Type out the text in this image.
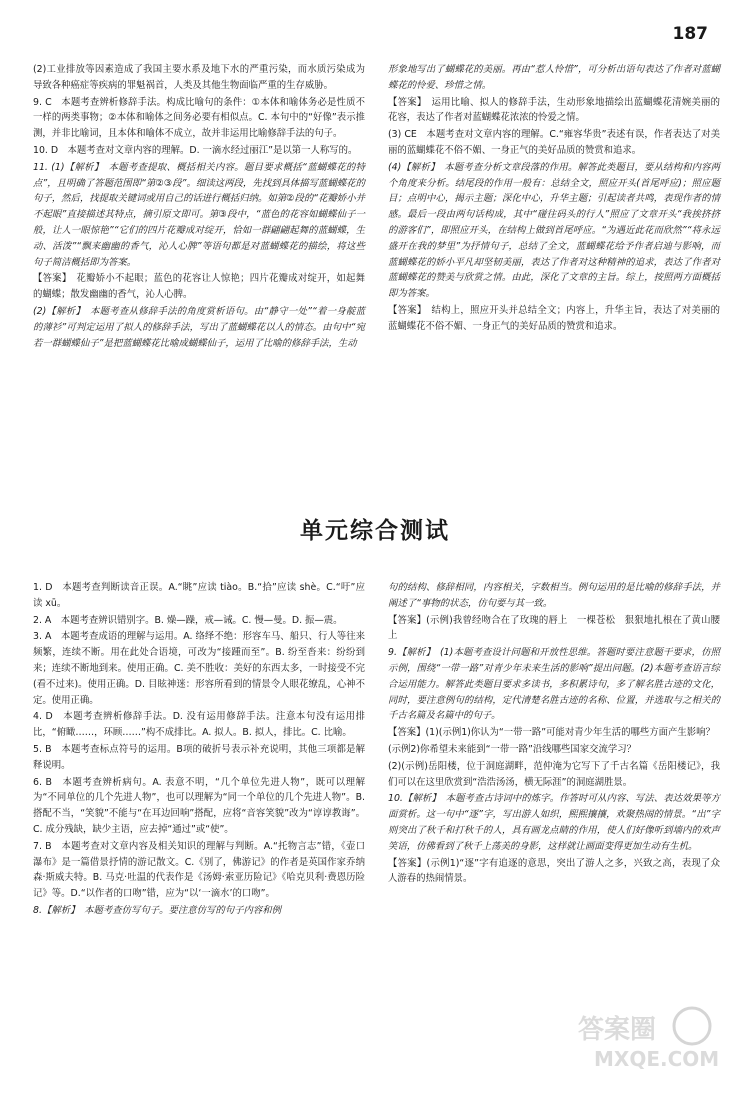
187

(2)工业排放等因素造成了我国主要水系及地下水的严重污染，而水质污染成为导致各种癌症等疾病的罪魁祸首，人类及其他生物面临严重的生存威胁。

9. C　本题考查辨析修辞手法。构成比喻句的条件：①本体和喻体务必是性质不一样的两类事物；②本体和喻体之间务必要有相似点。C. 本句中的“好像”表示推测，并非比喻词，且本体和喻体不成立，故并非运用比喻修辞手法的句子。

10. D　本题考查对文章内容的理解。D. 一滴水经过丽江”是以第一人称写的。

11. (1)【解析】　本题考查提取、概括相关内容。题目要求概括“蓝蝴蝶花的特点”，且明确了答题范围即“第②③段”。细读这两段，先找到具体描写蓝蝴蝶花的句子，然后，找提取关键词或用自己的话进行概括归纳。如第②段的“花瓣娇小并不起眼”直接描述其特点，摘引原文即可。第③段中，“蓝色的花容如蝴蝶仙子一般，让人一眼惊艳”“它们的四片花瓣成对绽开，恰如一群翩翩起舞的蓝蝴蝶，生动、活泼”“飘来幽幽的香气，沁人心脾”等语句都是对蓝蝴蝶花的描绘，将这些句子简洁概括即为答案。

【答案】　花瓣娇小不起眼；蓝色的花容让人惊艳；四片花瓣成对绽开，如起舞的蝴蝶；散发幽幽的香气，沁人心脾。

(2)【解析】　本题考查从修辞手法的角度赏析语句。由“静守一处”“着一身靛蓝的薄衫”可判定运用了拟人的修辞手法，写出了蓝蝴蝶花以人的情态。由句中“宛若一群蝴蝶仙子”是把蓝蝴蝶花比喻成蝴蝶仙子，运用了比喻的修辞手法，生动

形象地写出了蝴蝶花的美丽。再由“惹人怜惜”，可分析出语句表达了作者对蓝蝴蝶花的怜爱、珍惜之情。

【答案】　运用比喻、拟人的修辞手法，生动形象地描绘出蓝蝴蝶花清婉美丽的花容，表达了作者对蓝蝴蝶花浓浓的怜爱之情。

(3) CE　本题考查对文章内容的理解。C.“雍容华贵”表述有误，作者表达了对美丽的蓝蝴蝶花不俗不媚、一身正气的美好品质的赞赏和追求。

(4)【解析】　本题考查分析文章段落的作用。解答此类题目，要从结构和内容两个角度来分析。结尾段的作用一般有：总结全文，照应开头(首尾呼应)；照应题目；点明中心，揭示主题；深化中心，升华主题；引起读者共鸣，表现作者的情感。最后一段由两句话构成，其中“碰往码头的行人”照应了文章开头“我挨挤挤的游客们”，即照应开头，在结构上做到首尾呼应。“为遇近此花而欣然”“将永远盛开在我的梦里”为抒情句子，总结了全文，蓝蝴蝶花给予作者启迪与影响，而蓝蝴蝶花的娇小平凡却坚韧美丽，表达了作者对这种精神的追求，表达了作者对蓝蝴蝶花的赞美与欣赏之情。由此，深化了文章的主旨。综上，按照两方面概括即为答案。

【答案】　结构上，照应开头并总结全文；内容上，升华主旨，表达了对美丽的蓝蝴蝶花不俗不媚、一身正气的美好品质的赞赏和追求。

单元综合测试

1. D　本题考查判断读音正误。A.“眺”应读 tiào。B.“拾”应读 shè。C.“吁”应读 xū。

2. A　本题考查辨识错别字。B. 燥—躁，戒—诫。C. 慢—曼。D. 振—震。

3. A　本题考查成语的理解与运用。A. 络绎不绝：形容车马、船只、行人等往来频繁，连续不断。用在此处合语境，可改为“接踵而至”。B. 纷至沓来：纷纷到来；连续不断地到来。使用正确。C. 美不胜收：美好的东西太多，一时接受不完(看不过来)。使用正确。D. 目眩神迷：形容所看到的情景令人眼花缭乱，心神不定。使用正确。

4. D　本题考查辨析修辞手法。D. 没有运用修辞手法。注意本句没有运用排比，“俯瞰……，环顾……”构不成排比。A. 拟人。B. 拟人，排比。C. 比喻。

5. B　本题考查标点符号的运用。B项的破折号表示补充说明，其他三项都是解释说明。

6. B　本题考查辨析病句。A. 表意不明，“几个单位先进人物”，既可以理解为“不同单位的几个先进人物”，也可以理解为“同一个单位的几个先进人物”。B. 搭配不当，“笑貌”不能与“在耳边回响”搭配，应将“音容笑貌”改为“谆谆教诲”。C. 成分残缺，缺少主语，应去掉“通过”或“使”。

7. B　本题考查对文章内容及相关知识的理解与判断。A.“托物言志”错，《壶口瀑布》是一篇借景抒情的游记散文。C.《别了，佛游记》的作者是英国作家乔纳森·斯威夫特。B. 马克·吐温的代表作是《汤姆·索亚历险记》《哈克贝利·费恩历险记》等。D.“以作者的口吻”错，应为“以‘一滴水’的口吻”。

8.【解析】　本题考查仿写句子。要注意仿写的句子内容和例

句的结构、修辞相同，内容相关，字数相当。例句运用的是比喻的修辞手法，并阐述了“事物的状态，仿句要与其一致。

【答案】(示例)我曾经吻合在了玫瑰的唇上　一棵苍松　狠狠地扎根在了黄山腰上

9.【解析】　(1)本题考查设计问题和开放性思维。答题时要注意题干要求，仿照示例，围绕“一带一路”对青少年未来生活的影响”提出问题。(2)本题考查语言综合运用能力。解答此类题目要求多读书，多积累诗句，多了解名胜古迹的文化，同时，要注意例句的结构，定代清楚名胜古迹的名称、位置，并选取与之相关的千古名篇及名篇中的句子。

【答案】(1)(示例1)你认为“一带一路”可能对青少年生活的哪些方面产生影响？

(示例2)你希望未来能到“一带一路”沿线哪些国家交流学习？

(2)(示例)岳阳楼，位于洞庭湖畔，范仲淹为它写下了千古名篇《岳阳楼记》，我们可以在这里欣赏到“浩浩汤汤，横无际涯”的洞庭湖胜景。

10.【解析】　本题考查古诗词中的炼字。作答时可从内容、写法、表达效果等方面赏析。这一句中“逐”字，写出游人如织，熙熙攘攘，欢聚热闹的情景。“出”字则突出了秋千和打秋千的人，具有画龙点睛的作用，使人们好像听到墙内的欢声笑语，仿佛看到了秋千上荡美的身影，这样就让画面变得更加生动有生机。

【答案】(示例1)“逐”字有追逐的意思，突出了游人之多，兴致之高，表现了众人游春的热闹情景。

答案圈
MXQE.COM
